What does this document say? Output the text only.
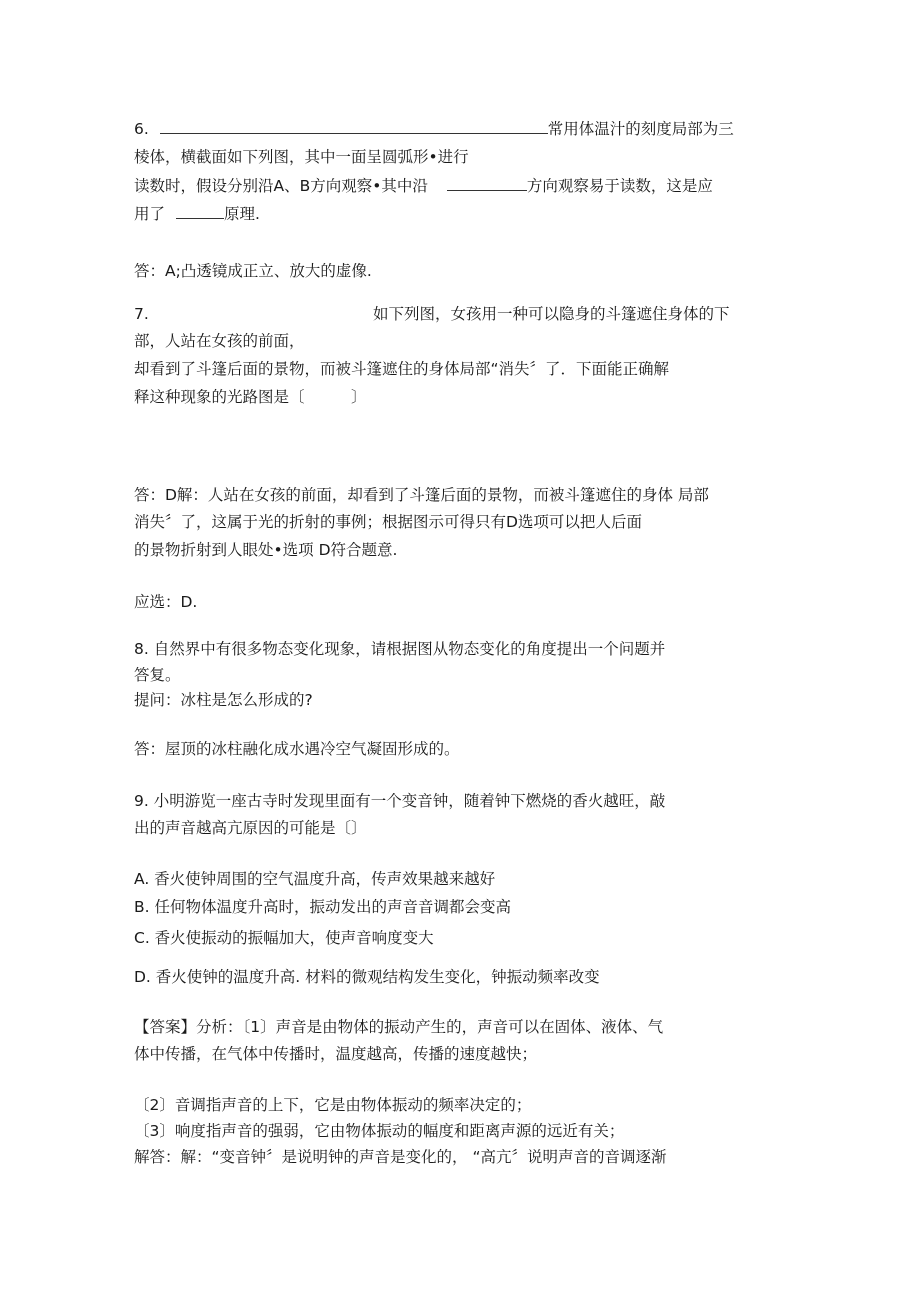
6.	常用体温汁的刻度局部为三
棱体，横截面如下列图，其中一面呈圆弧形•进行
读数时，假设分别沿A、B方向观察•其中沿	方向观察易于读数，这是应
用了	原理.
答：A;凸透镜成正立、放大的虚像.
7.	如下列图，女孩用一种可以隐身的斗篷遮住身体的下
部，人站在女孩的前面，
却看到了斗篷后面的景物，而被斗篷遮住的身体局部“消失〞了．下面能正确解
释这种现象的光路图是〔　　　〕
答：D解：人站在女孩的前面，却看到了斗篷后面的景物，而被斗篷遮住的身体 局部
消失〞了，这属于光的折射的事例；根据图示可得只有D选项可以把人后面
的景物折射到人眼处•选项 D符合题意.
应选：D.
8. 自然界中有很多物态变化现象，请根据图从物态变化的角度提出一个问题并
答复。
提问：冰柱是怎么形成的?
答：屋顶的冰柱融化成水遇冷空气凝固形成的。
9. 小明游览一座古寺时发现里面有一个变音钟，随着钟下燃烧的香火越旺，敲
出的声音越高亢原因的可能是〔〕
A. 香火使钟周围的空气温度升高，传声效果越来越好
B. 任何物体温度升高时，振动发出的声音音调都会变高
C. 香火使振动的振幅加大，使声音响度变大
D. 香火使钟的温度升高. 材料的微观结构发生变化，钟振动频率改变
【答案】分析：〔1〕声音是由物体的振动产生的，声音可以在固体、液体、气
体中传播，在气体中传播时，温度越高，传播的速度越快；
〔2〕音调指声音的上下，它是由物体振动的频率决定的；
〔3〕响度指声音的强弱，它由物体振动的幅度和距离声源的远近有关；
解答：解：“变音钟〞是说明钟的声音是变化的， “高亢〞说明声音的音调逐渐
